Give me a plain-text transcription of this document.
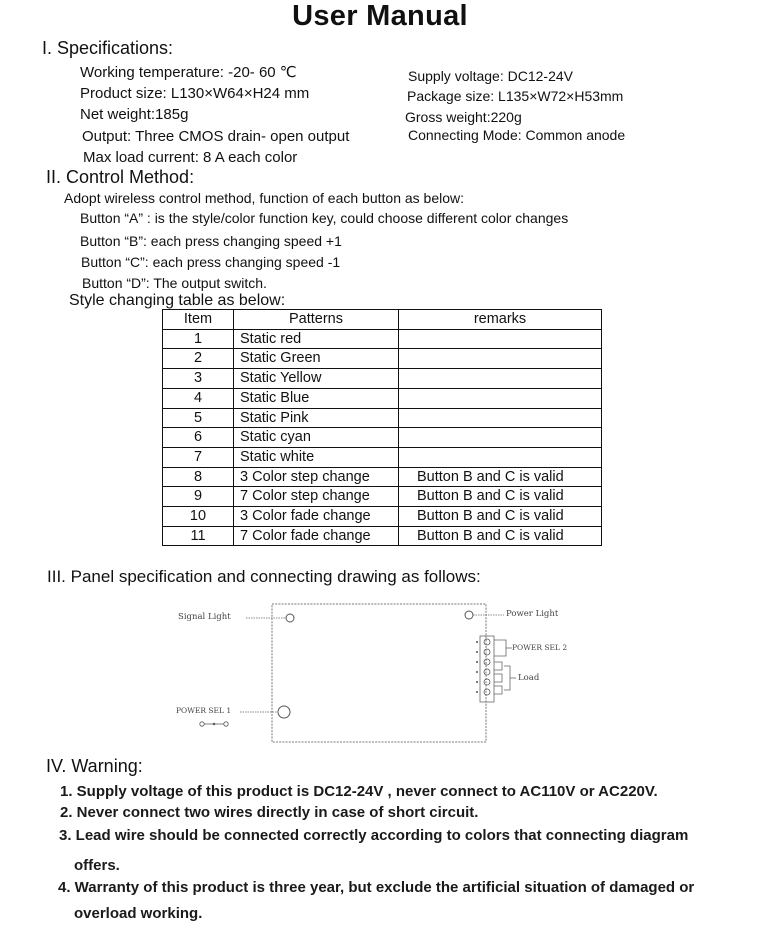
User Manual
I. Specifications:
Working temperature: -20- 60 ℃
Product size: L130×W64×H24 mm
Net weight:185g
Output: Three CMOS drain- open output
Max load current: 8 A each color
Supply voltage: DC12-24V
Package size: L135×W72×H53mm
Gross weight:220g
Connecting Mode: Common anode
II. Control Method:
Adopt wireless control method, function of each button as below:
Button “A” : is the style/color function key, could choose different color changes
Button “B”: each press changing speed +1
Button “C”: each press changing speed -1
Button “D”: The output switch.
Style changing table as below:
Item	Patterns	remarks
1	Static red	
2	Static Green	
3	Static Yellow	
4	Static Blue	
5	Static Pink	
6	Static cyan	
7	Static white	
8	3 Color step change	Button B and C is valid
9	7 Color step change	Button B and C is valid
10	3 Color fade change	Button B and C is valid
11	7 Color fade change	Button B and C is valid
III. Panel specification and connecting drawing as follows:
Signal Light	Power Light
POWER SEL 2
Load
POWER SEL 1
IV. Warning:
1. Supply voltage of this product is DC12-24V , never connect to AC110V or AC220V.
2. Never connect two wires directly in case of short circuit.
3. Lead wire should be connected correctly according to colors that connecting diagram
offers.
4. Warranty of this product is three year, but exclude the artificial situation of damaged or
overload working.
